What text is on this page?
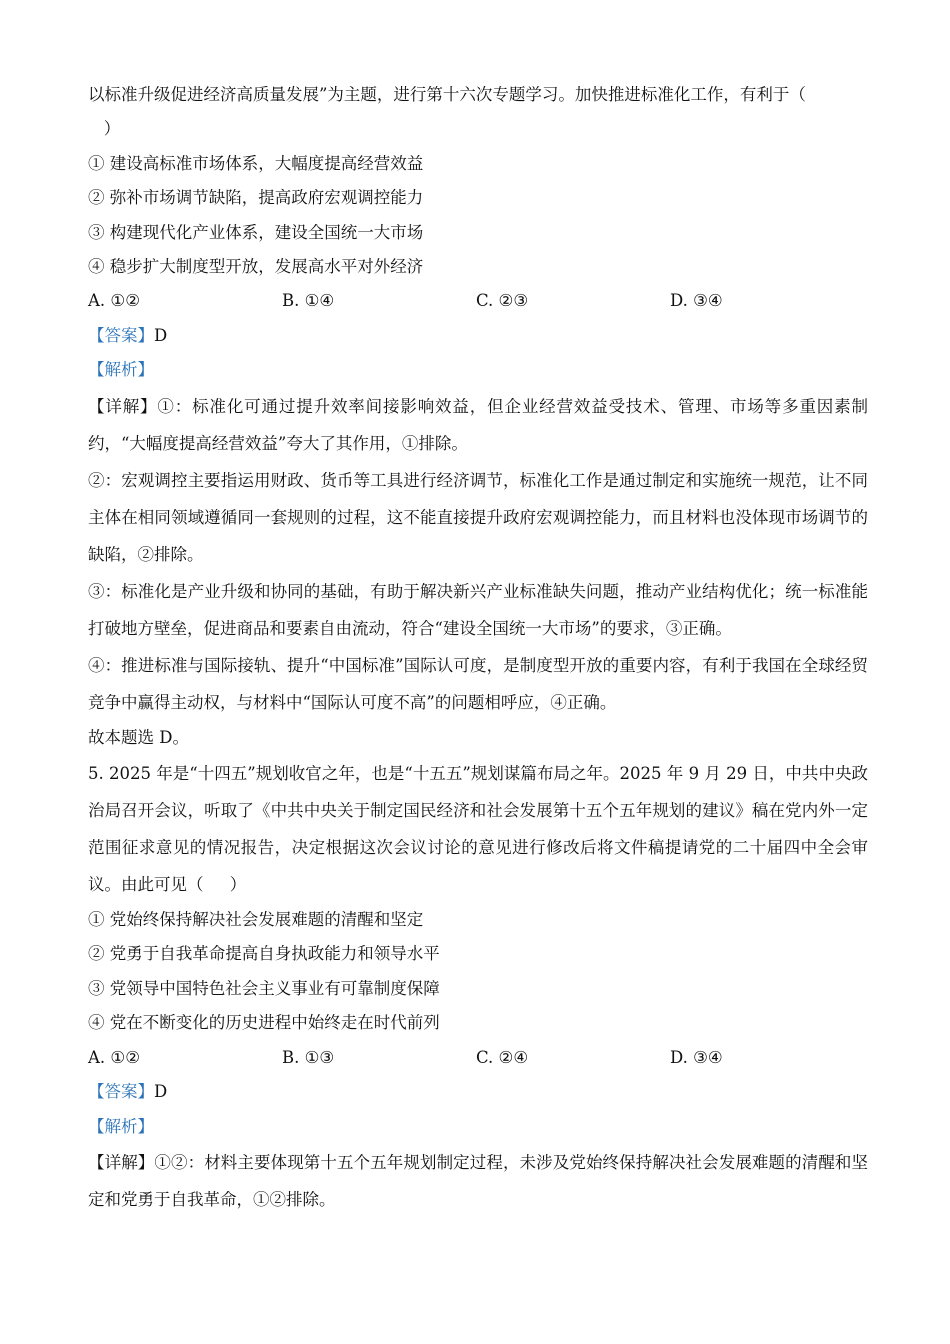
以标准升级促进经济高质量发展”为主题，进行第十六次专题学习。加快推进标准化工作，有利于（
）
① 建设高标准市场体系，大幅度提高经营效益
② 弥补市场调节缺陷，提高政府宏观调控能力
③ 构建现代化产业体系，建设全国统一大市场
④ 稳步扩大制度型开放，发展高水平对外经济
A. ①②	B. ①④	C. ②③	D. ③④
【答案】D
【解析】
【详解】①：标准化可通过提升效率间接影响效益，但企业经营效益受技术、管理、市场等多重因素制约，“大幅度提高经营效益”夸大了其作用，①排除。
②：宏观调控主要指运用财政、货币等工具进行经济调节，标准化工作是通过制定和实施统一规范，让不同主体在相同领域遵循同一套规则的过程，这不能直接提升政府宏观调控能力，而且材料也没体现市场调节的缺陷，②排除。
③：标准化是产业升级和协同的基础，有助于解决新兴产业标准缺失问题，推动产业结构优化；统一标准能打破地方壁垒，促进商品和要素自由流动，符合“建设全国统一大市场”的要求，③正确。
④：推进标准与国际接轨、提升“中国标准”国际认可度，是制度型开放的重要内容，有利于我国在全球经贸竞争中赢得主动权，与材料中“国际认可度不高”的问题相呼应，④正确。
故本题选 D。
5. 2025 年是“十四五”规划收官之年，也是“十五五”规划谋篇布局之年。2025 年 9 月 29 日，中共中央政治局召开会议，听取了《中共中央关于制定国民经济和社会发展第十五个五年规划的建议》稿在党内外一定范围征求意见的情况报告，决定根据这次会议讨论的意见进行修改后将文件稿提请党的二十届四中全会审议。由此可见（     ）
① 党始终保持解决社会发展难题的清醒和坚定
② 党勇于自我革命提高自身执政能力和领导水平
③ 党领导中国特色社会主义事业有可靠制度保障
④ 党在不断变化的历史进程中始终走在时代前列
A. ①②	B. ①③	C. ②④	D. ③④
【答案】D
【解析】
【详解】①②：材料主要体现第十五个五年规划制定过程，未涉及党始终保持解决社会发展难题的清醒和坚定和党勇于自我革命，①②排除。
